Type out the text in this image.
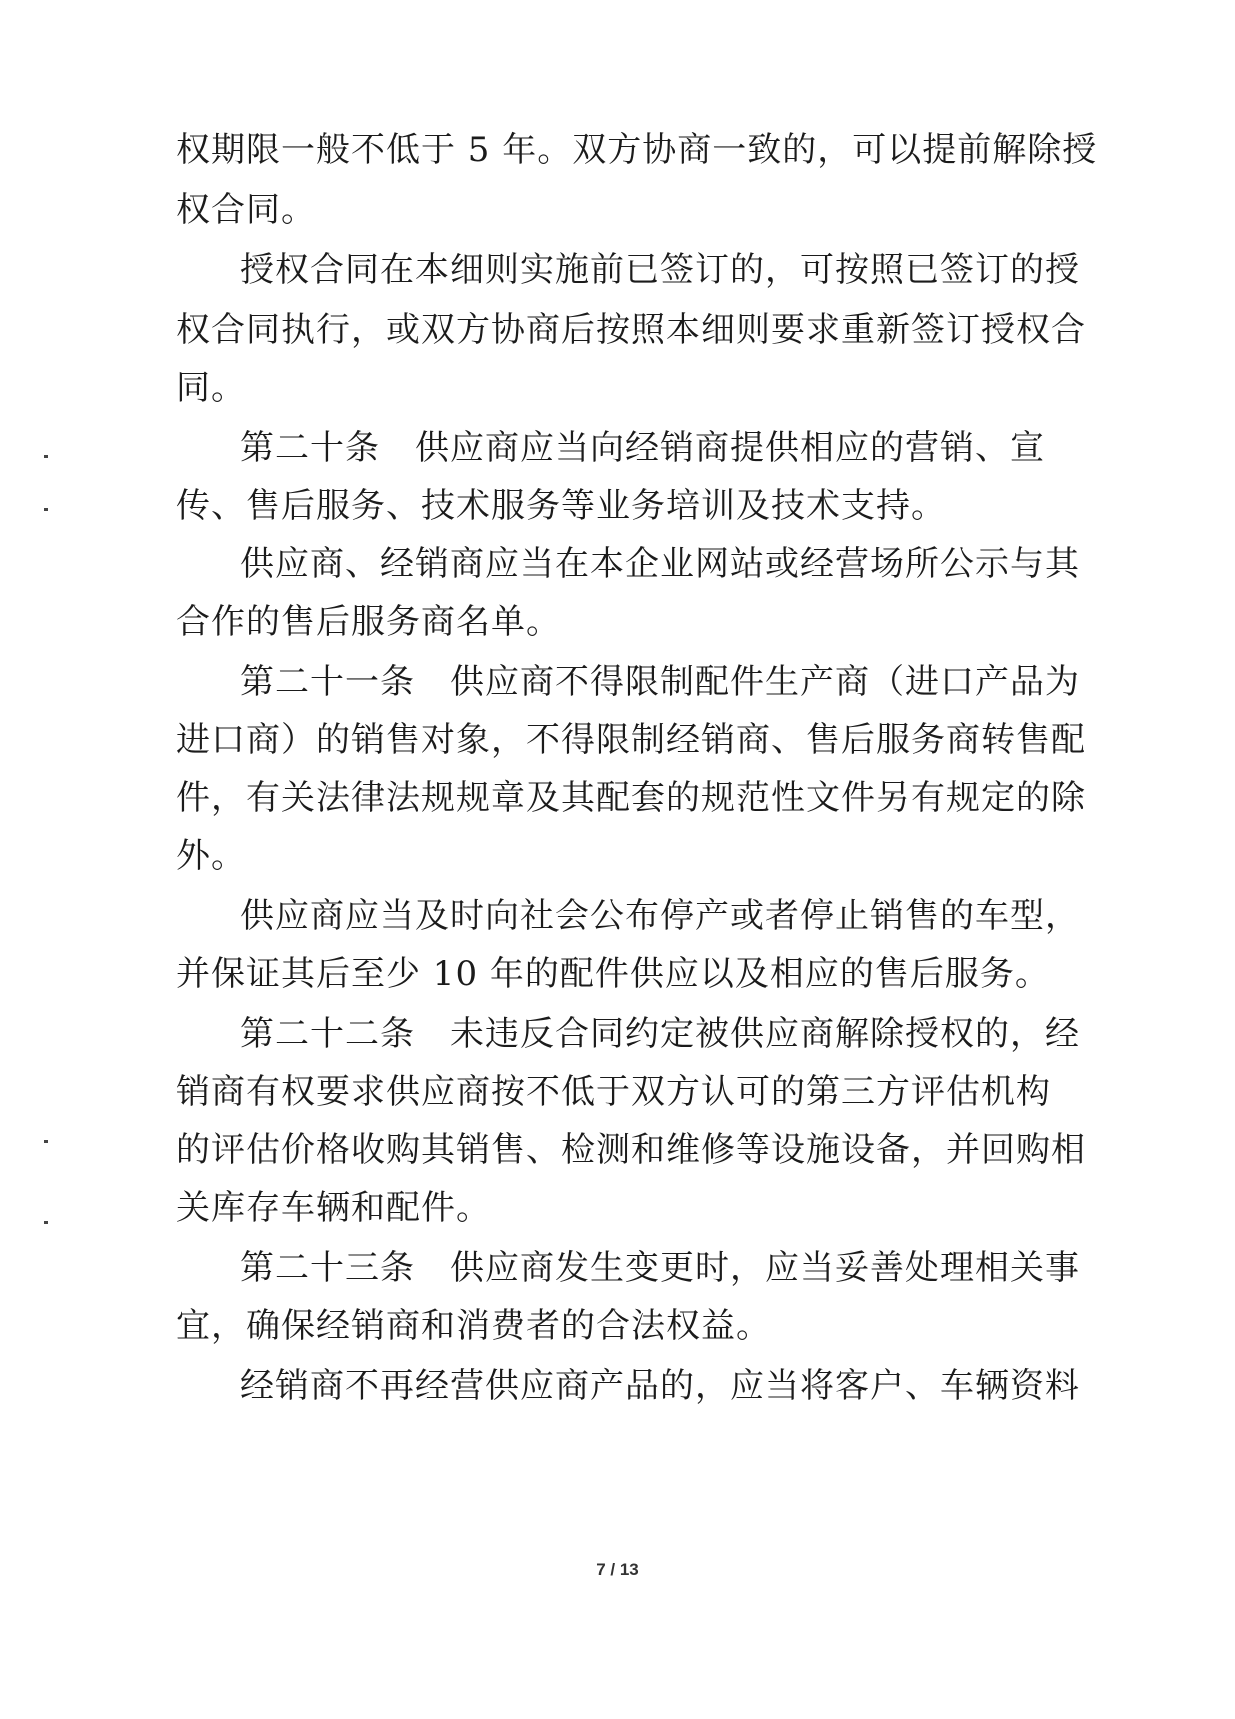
权期限一般不低于 5 年。双方协商一致的，可以提前解除授
权合同。
授权合同在本细则实施前已签订的，可按照已签订的授
权合同执行，或双方协商后按照本细则要求重新签订授权合
同。
第二十条　供应商应当向经销商提供相应的营销、宣
传、售后服务、技术服务等业务培训及技术支持。
供应商、经销商应当在本企业网站或经营场所公示与其
合作的售后服务商名单。
第二十一条　供应商不得限制配件生产商（进口产品为
进口商）的销售对象，不得限制经销商、售后服务商转售配
件，有关法律法规规章及其配套的规范性文件另有规定的除
外。
供应商应当及时向社会公布停产或者停止销售的车型，
并保证其后至少 10 年的配件供应以及相应的售后服务。
第二十二条　未违反合同约定被供应商解除授权的，经
销商有权要求供应商按不低于双方认可的第三方评估机构
的评估价格收购其销售、检测和维修等设施设备，并回购相
关库存车辆和配件。
第二十三条　供应商发生变更时，应当妥善处理相关事
宜，确保经销商和消费者的合法权益。
经销商不再经营供应商产品的，应当将客户、车辆资料
7 / 13
